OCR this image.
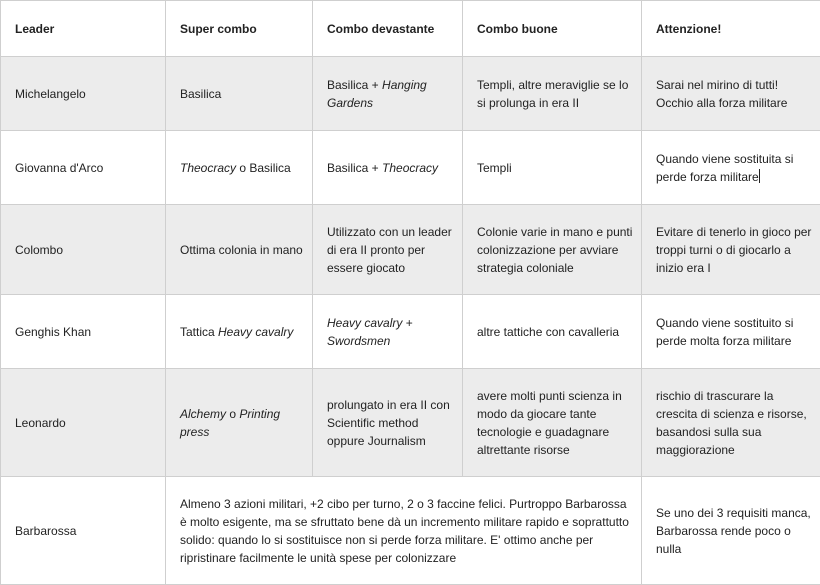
Leader	Super combo	Combo devastante	Combo buone	Attenzione!
Michelangelo	Basilica	Basilica + Hanging Gardens	Templi, altre meraviglie se lo si prolunga in era II	Sarai nel mirino di tutti! Occhio alla forza militare
Giovanna d'Arco	Theocracy o Basilica	Basilica + Theocracy	Templi	Quando viene sostituita si perde forza militare
Colombo	Ottima colonia in mano	Utilizzato con un leader di era II pronto per essere giocato	Colonie varie in mano e punti colonizzazione per avviare strategia coloniale	Evitare di tenerlo in gioco per troppi turni o di giocarlo a inizio era I
Genghis Khan	Tattica Heavy cavalry	Heavy cavalry + Swordsmen	altre tattiche con cavalleria	Quando viene sostituito si perde molta forza militare
Leonardo	Alchemy o Printing press	prolungato in era II con Scientific method oppure Journalism	avere molti punti scienza in modo da giocare tante tecnologie e guadagnare altrettante risorse	rischio di trascurare la crescita di scienza e risorse, basandosi sulla sua maggiorazione
Barbarossa	Almeno 3 azioni militari, +2 cibo per turno, 2 o 3 faccine felici. Purtroppo Barbarossa è molto esigente, ma se sfruttato bene dà un incremento militare rapido e soprattutto solido: quando lo si sostituisce non si perde forza militare. E' ottimo anche per ripristinare facilmente le unità spese per colonizzare			Se uno dei 3 requisiti manca, Barbarossa rende poco o nulla
